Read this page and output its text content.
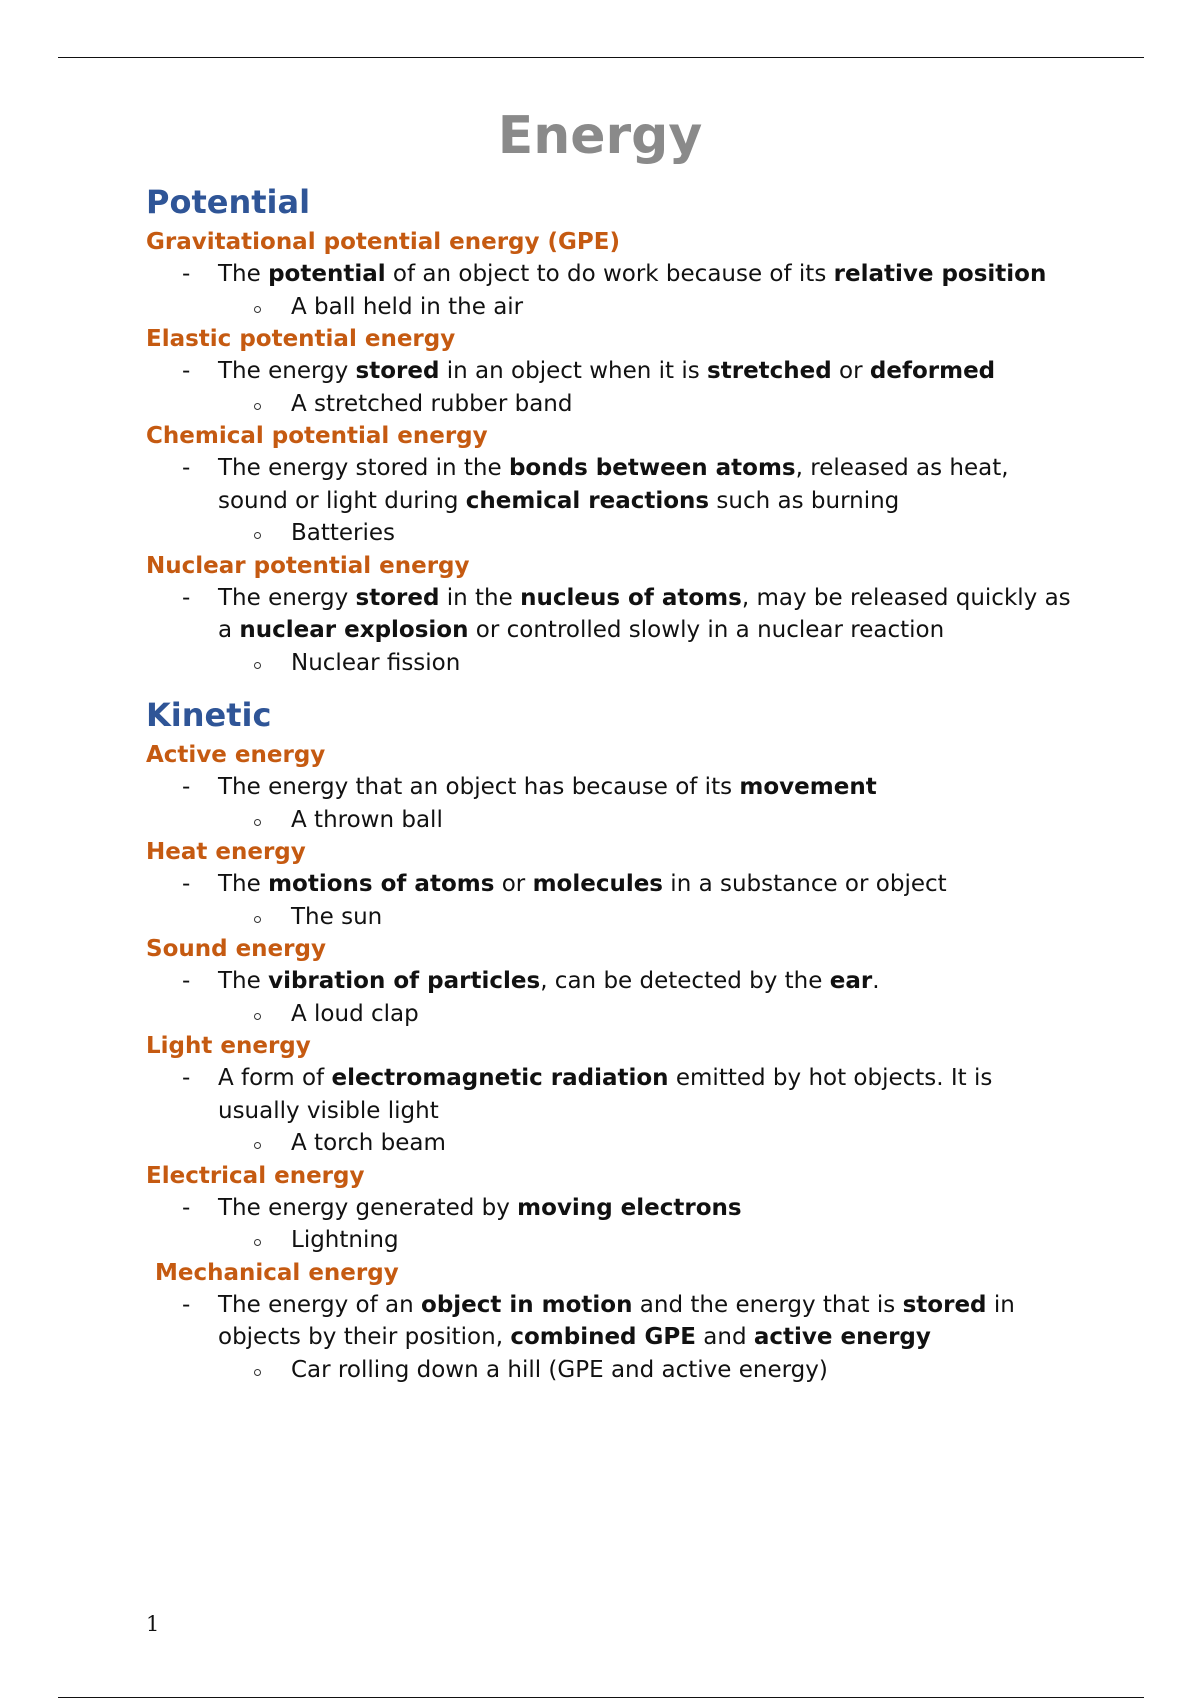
Energy
Potential
Gravitational potential energy (GPE)
- The potential of an object to do work because of its relative position
A ball held in the air
Elastic potential energy
- The energy stored in an object when it is stretched or deformed
A stretched rubber band
Chemical potential energy
- The energy stored in the bonds between atoms, released as heat, sound or light during chemical reactions such as burning
Batteries
Nuclear potential energy
- The energy stored in the nucleus of atoms, may be released quickly as a nuclear explosion or controlled slowly in a nuclear reaction
Nuclear fission
Kinetic
Active energy
- The energy that an object has because of its movement
A thrown ball
Heat energy
- The motions of atoms or molecules in a substance or object
The sun
Sound energy
- The vibration of particles, can be detected by the ear.
A loud clap
Light energy
- A form of electromagnetic radiation emitted by hot objects. It is usually visible light
A torch beam
Electrical energy
- The energy generated by moving electrons
Lightning
Mechanical energy
- The energy of an object in motion and the energy that is stored in objects by their position, combined GPE and active energy
Car rolling down a hill (GPE and active energy)
1
